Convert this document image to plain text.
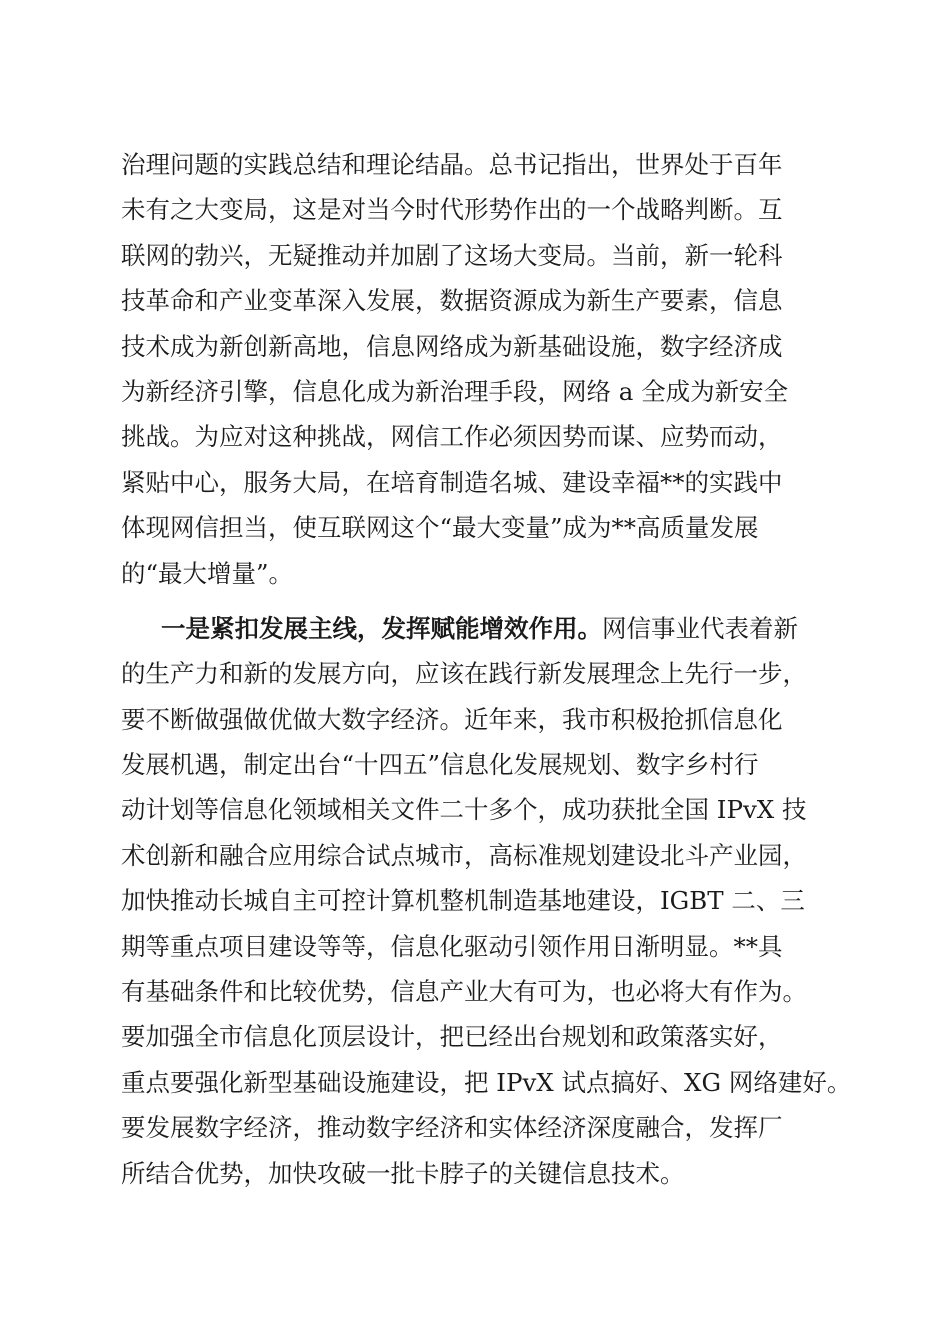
治理问题的实践总结和理论结晶。总书记指出，世界处于百年
未有之大变局，这是对当今时代形势作出的一个战略判断。互
联网的勃兴，无疑推动并加剧了这场大变局。当前，新一轮科
技革命和产业变革深入发展，数据资源成为新生产要素，信息
技术成为新创新高地，信息网络成为新基础设施，数字经济成
为新经济引擎，信息化成为新治理手段，网络 a 全成为新安全
挑战。为应对这种挑战，网信工作必须因势而谋、应势而动，
紧贴中心，服务大局，在培育制造名城、建设幸福**的实践中
体现网信担当，使互联网这个“最大变量”成为**高质量发展
的“最大增量”。
一是紧扣发展主线，发挥赋能增效作用。网信事业代表着新
的生产力和新的发展方向，应该在践行新发展理念上先行一步，
要不断做强做优做大数字经济。近年来，我市积极抢抓信息化
发展机遇，制定出台“十四五”信息化发展规划、数字乡村行
动计划等信息化领域相关文件二十多个，成功获批全国 IPvX 技
术创新和融合应用综合试点城市，高标准规划建设北斗产业园，
加快推动长城自主可控计算机整机制造基地建设，IGBT 二、三
期等重点项目建设等等，信息化驱动引领作用日渐明显。**具
有基础条件和比较优势，信息产业大有可为，也必将大有作为。
要加强全市信息化顶层设计，把已经出台规划和政策落实好，
重点要强化新型基础设施建设，把 IPvX 试点搞好、XG 网络建好。
要发展数字经济，推动数字经济和实体经济深度融合，发挥厂
所结合优势，加快攻破一批卡脖子的关键信息技术。
